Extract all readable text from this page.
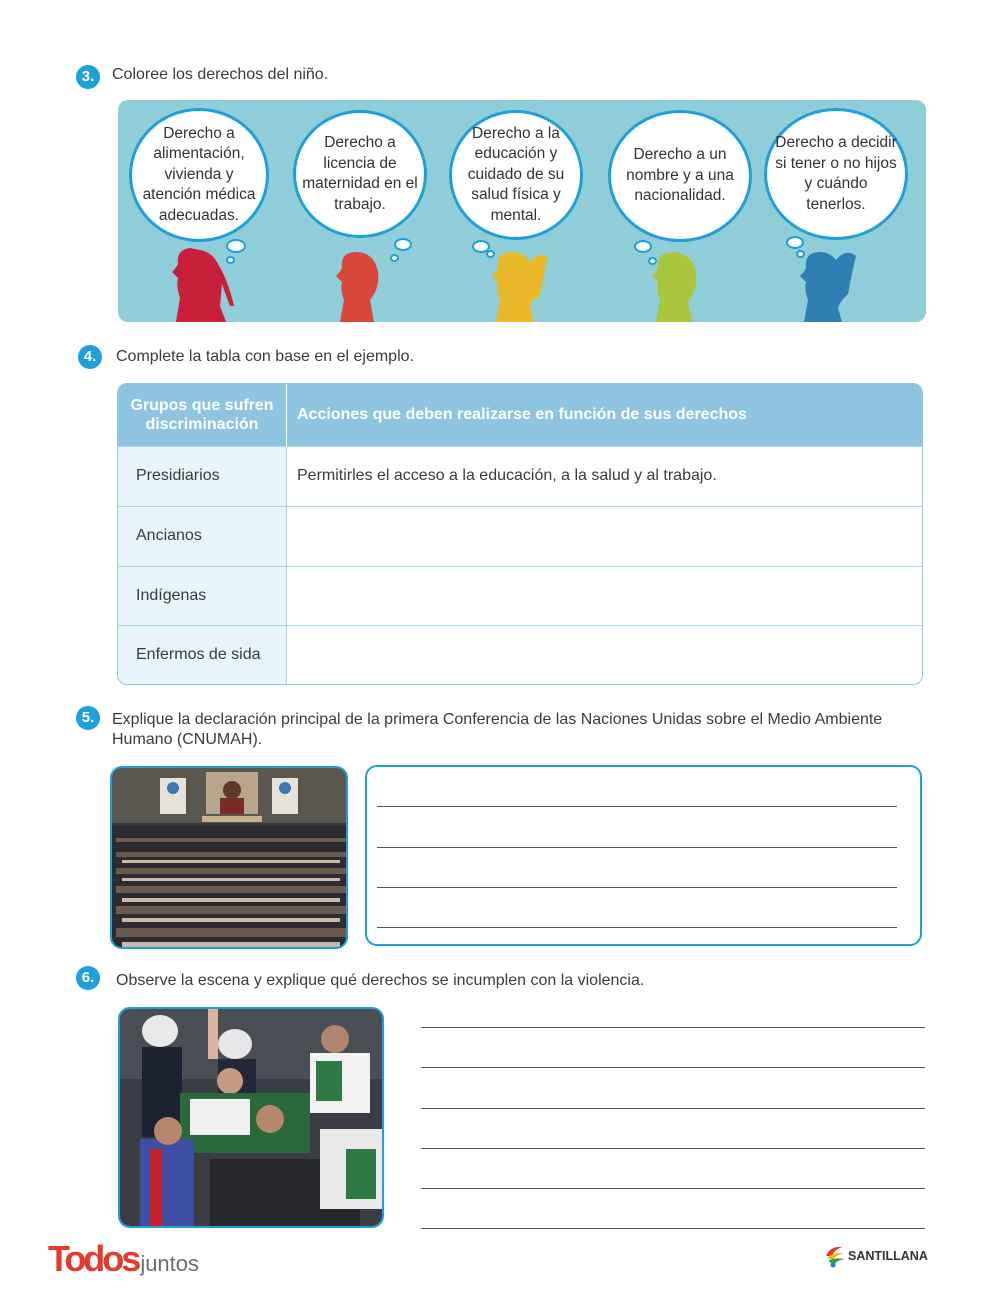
3.	Coloree los derechos del niño.
Derecho a alimentación, vivienda y atención médica adecuadas.
Derecho a licencia de maternidad en el trabajo.
Derecho a la educación y cuidado de su salud física y mental.
Derecho a un nombre y a una nacionalidad.
Derecho a decidir si tener o no hijos y cuándo tenerlos.
4.	Complete la tabla con base en el ejemplo.
Grupos que sufren discriminación	Acciones que deben realizarse en función de sus derechos
Presidiarios	Permitirles el acceso a la educación, a la salud y al trabajo.
Ancianos	
Indígenas	
Enfermos de sida	
5.	Explique la declaración principal de la primera Conferencia de las Naciones Unidas sobre el Medio Ambiente Humano (CNUMAH).
6.	Observe la escena y explique qué derechos se incumplen con la violencia.
Todos juntos	SANTILLANA
